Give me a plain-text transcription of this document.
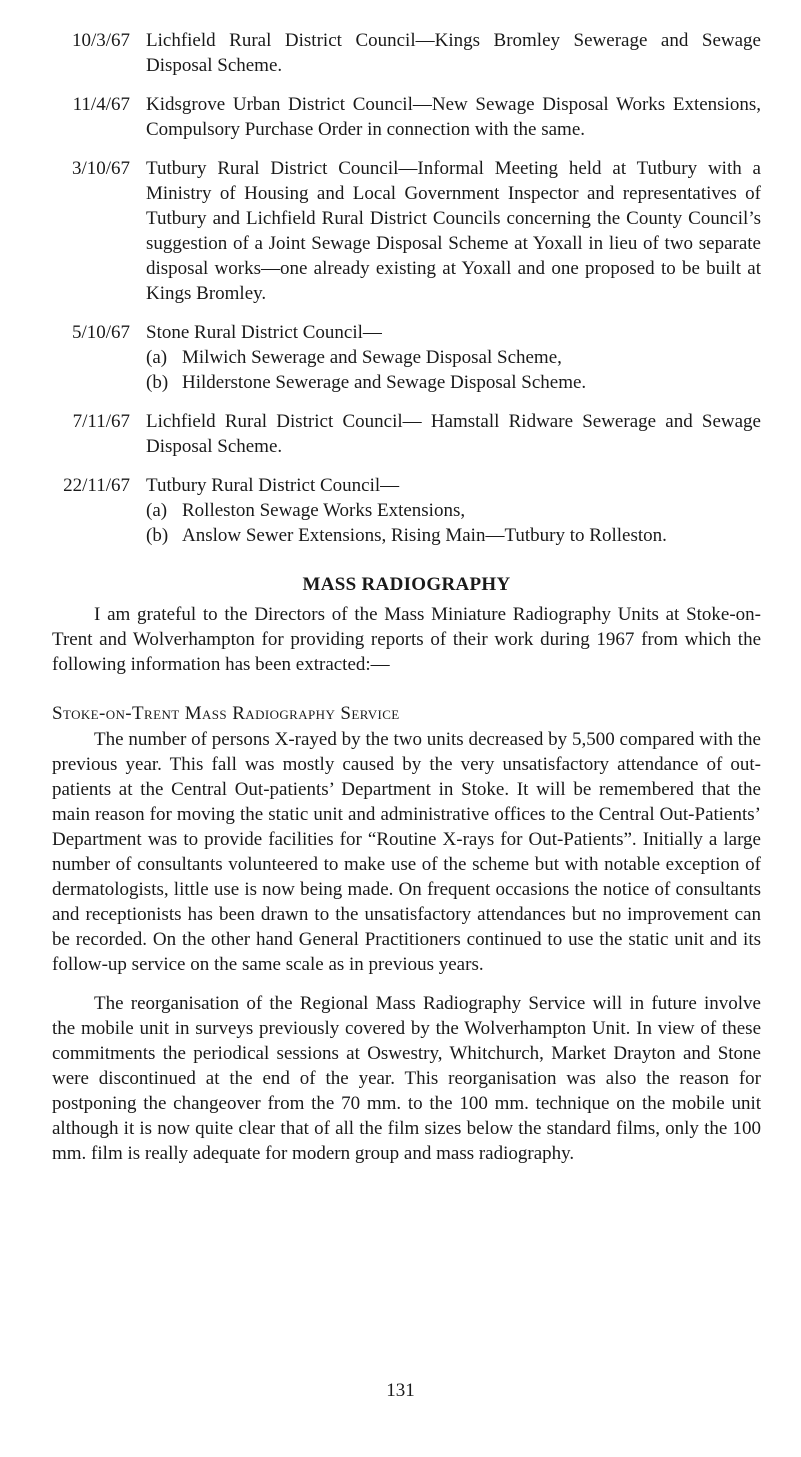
10/3/67 Lichfield Rural District Council—Kings Bromley Sewerage and Sewage Disposal Scheme.
11/4/67 Kidsgrove Urban District Council—New Sewage Disposal Works Extensions, Compulsory Purchase Order in connection with the same.
3/10/67 Tutbury Rural District Council—Informal Meeting held at Tutbury with a Ministry of Housing and Local Government Inspector and representatives of Tutbury and Lichfield Rural District Councils concerning the County Council’s suggestion of a Joint Sewage Disposal Scheme at Yoxall in lieu of two separate disposal works—one already existing at Yoxall and one proposed to be built at Kings Bromley.
5/10/67 Stone Rural District Council—
(a) Milwich Sewerage and Sewage Disposal Scheme,
(b) Hilderstone Sewerage and Sewage Disposal Scheme.
7/11/67 Lichfield Rural District Council— Hamstall Ridware Sewerage and Sewage Disposal Scheme.
22/11/67 Tutbury Rural District Council—
(a) Rolleston Sewage Works Extensions,
(b) Anslow Sewer Extensions, Rising Main—Tutbury to Rolleston.
MASS RADIOGRAPHY

I am grateful to the Directors of the Mass Miniature Radiography Units at Stoke-on-Trent and Wolverhampton for providing reports of their work during 1967 from which the following information has been extracted:—

Stoke-on-Trent Mass Radiography Service

The number of persons X-rayed by the two units decreased by 5,500 compared with the previous year. This fall was mostly caused by the very unsatisfactory attendance of out-patients at the Central Out-patients’ Department in Stoke. It will be remembered that the main reason for moving the static unit and administrative offices to the Central Out-Patients’ Department was to provide facilities for “Routine X-rays for Out-Patients”. Initially a large number of consultants volunteered to make use of the scheme but with notable exception of dermatologists, little use is now being made. On frequent occasions the notice of consultants and receptionists has been drawn to the unsatisfactory attendances but no improvement can be recorded. On the other hand General Practitioners continued to use the static unit and its follow-up service on the same scale as in previous years.

The reorganisation of the Regional Mass Radiography Service will in future involve the mobile unit in surveys previously covered by the Wolverhampton Unit. In view of these commitments the periodical sessions at Oswestry, Whitchurch, Market Drayton and Stone were discontinued at the end of the year. This reorganisation was also the reason for postponing the changeover from the 70 mm. to the 100 mm. technique on the mobile unit although it is now quite clear that of all the film sizes below the standard films, only the 100 mm. film is really adequate for modern group and mass radiography.

131
